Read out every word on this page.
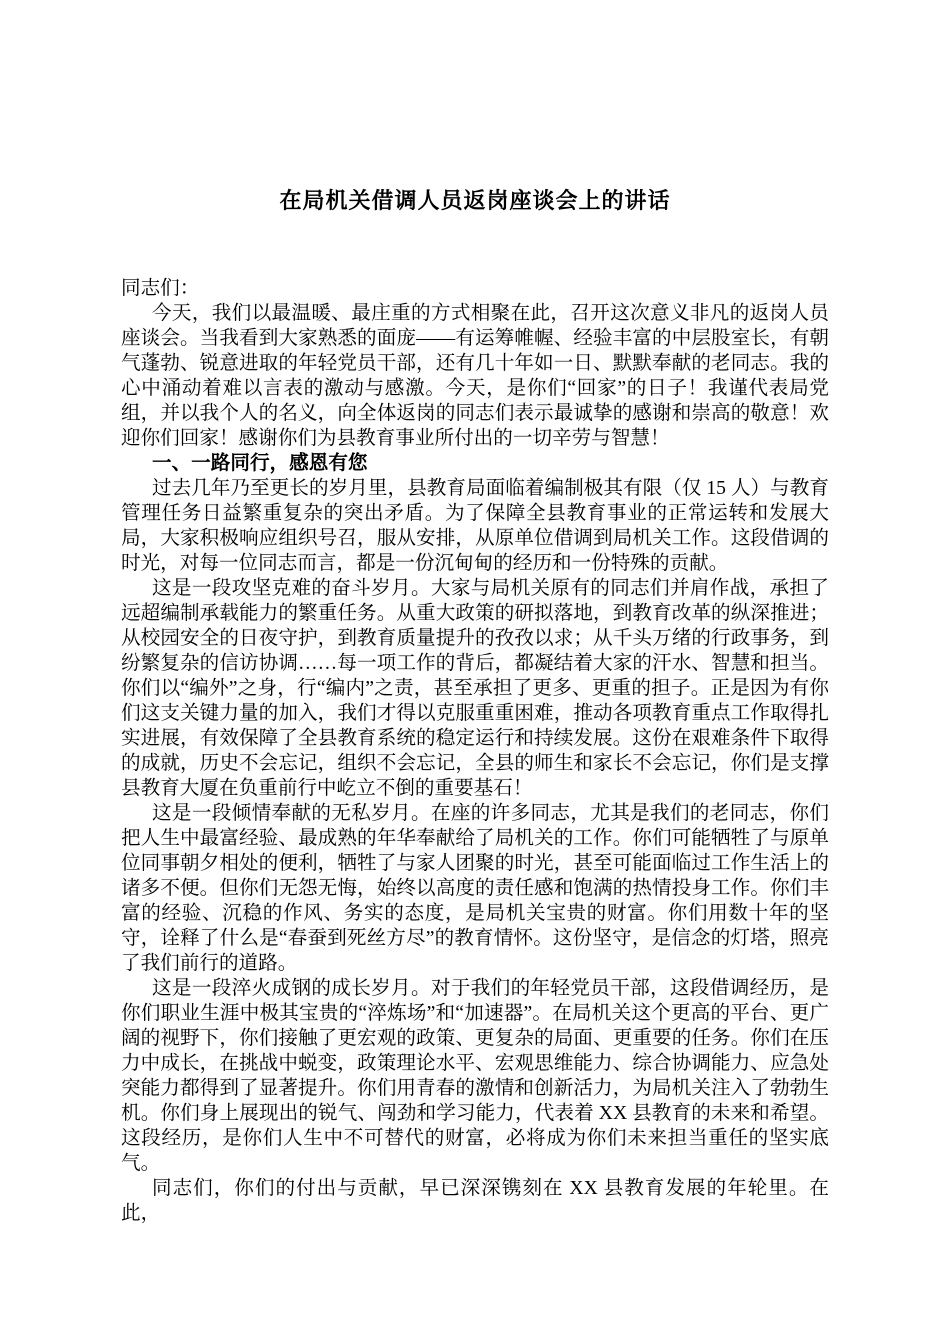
在局机关借调人员返岗座谈会上的讲话

同志们：

今天，我们以最温暖、最庄重的方式相聚在此，召开这次意义非凡的返岗人员座谈会。当我看到大家熟悉的面庞——有运筹帷幄、经验丰富的中层股室长，有朝气蓬勃、锐意进取的年轻党员干部，还有几十年如一日、默默奉献的老同志。我的心中涌动着难以言表的激动与感激。今天，是你们“回家”的日子！我谨代表局党组，并以我个人的名义，向全体返岗的同志们表示最诚挚的感谢和崇高的敬意！欢迎你们回家！感谢你们为县教育事业所付出的一切辛劳与智慧！

一、一路同行，感恩有您

过去几年乃至更长的岁月里，县教育局面临着编制极其有限（仅 15 人）与教育管理任务日益繁重复杂的突出矛盾。为了保障全县教育事业的正常运转和发展大局，大家积极响应组织号召，服从安排，从原单位借调到局机关工作。这段借调的时光，对每一位同志而言，都是一份沉甸甸的经历和一份特殊的贡献。

这是一段攻坚克难的奋斗岁月。大家与局机关原有的同志们并肩作战，承担了远超编制承载能力的繁重任务。从重大政策的研拟落地，到教育改革的纵深推进；从校园安全的日夜守护，到教育质量提升的孜孜以求；从千头万绪的行政事务，到纷繁复杂的信访协调……每一项工作的背后，都凝结着大家的汗水、智慧和担当。你们以“编外”之身，行“编内”之责，甚至承担了更多、更重的担子。正是因为有你们这支关键力量的加入，我们才得以克服重重困难，推动各项教育重点工作取得扎实进展，有效保障了全县教育系统的稳定运行和持续发展。这份在艰难条件下取得的成就，历史不会忘记，组织不会忘记，全县的师生和家长不会忘记，你们是支撑县教育大厦在负重前行中屹立不倒的重要基石！

这是一段倾情奉献的无私岁月。在座的许多同志，尤其是我们的老同志，你们把人生中最富经验、最成熟的年华奉献给了局机关的工作。你们可能牺牲了与原单位同事朝夕相处的便利，牺牲了与家人团聚的时光，甚至可能面临过工作生活上的诸多不便。但你们无怨无悔，始终以高度的责任感和饱满的热情投身工作。你们丰富的经验、沉稳的作风、务实的态度，是局机关宝贵的财富。你们用数十年的坚守，诠释了什么是“春蚕到死丝方尽”的教育情怀。这份坚守，是信念的灯塔，照亮了我们前行的道路。

这是一段淬火成钢的成长岁月。对于我们的年轻党员干部，这段借调经历，是你们职业生涯中极其宝贵的“淬炼场”和“加速器”。在局机关这个更高的平台、更广阔的视野下，你们接触了更宏观的政策、更复杂的局面、更重要的任务。你们在压力中成长，在挑战中蜕变，政策理论水平、宏观思维能力、综合协调能力、应急处突能力都得到了显著提升。你们用青春的激情和创新活力，为局机关注入了勃勃生机。你们身上展现出的锐气、闯劲和学习能力，代表着 XX 县教育的未来和希望。这段经历，是你们人生中不可替代的财富，必将成为你们未来担当重任的坚实底气。

同志们，你们的付出与贡献，早已深深镌刻在 XX 县教育发展的年轮里。在此，
